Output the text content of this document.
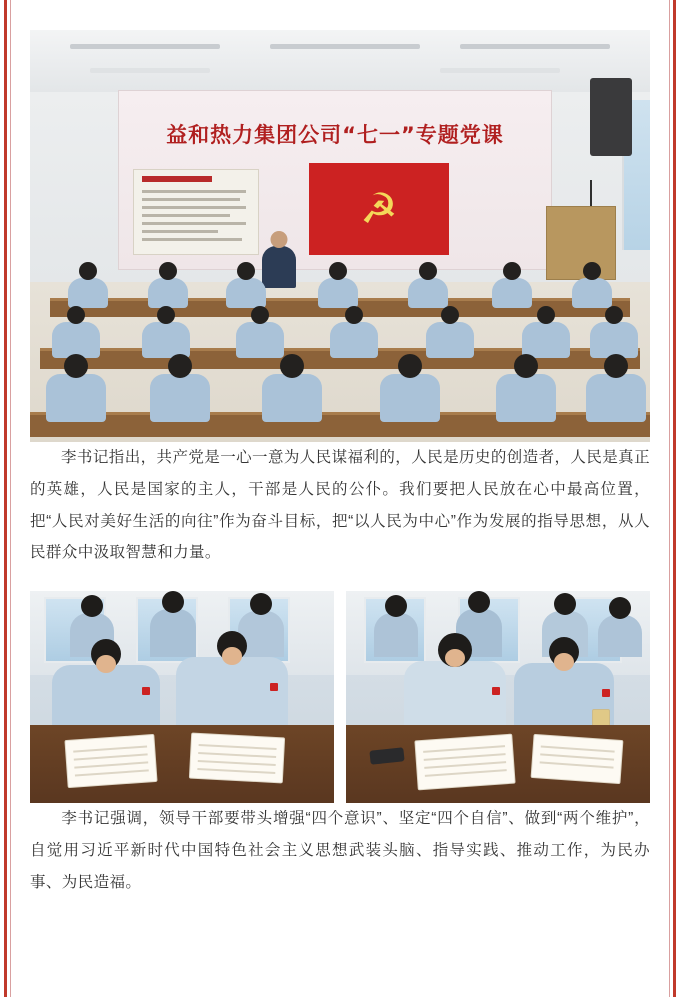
益和热力集团公司“七一”专题党课
☭

李书记指出，共产党是一心一意为人民谋福利的，人民是历史的创造者，人民是真正的英雄，人民是国家的主人，干部是人民的公仆。我们要把人民放在心中最高位置，把“人民对美好生活的向往”作为奋斗目标，把“以人民为中心”作为发展的指导思想，从人民群众中汲取智慧和力量。

李书记强调，领导干部要带头增强“四个意识”、坚定“四个自信”、做到“两个维护”，自觉用习近平新时代中国特色社会主义思想武装头脑、指导实践、推动工作，为民办事、为民造福。
